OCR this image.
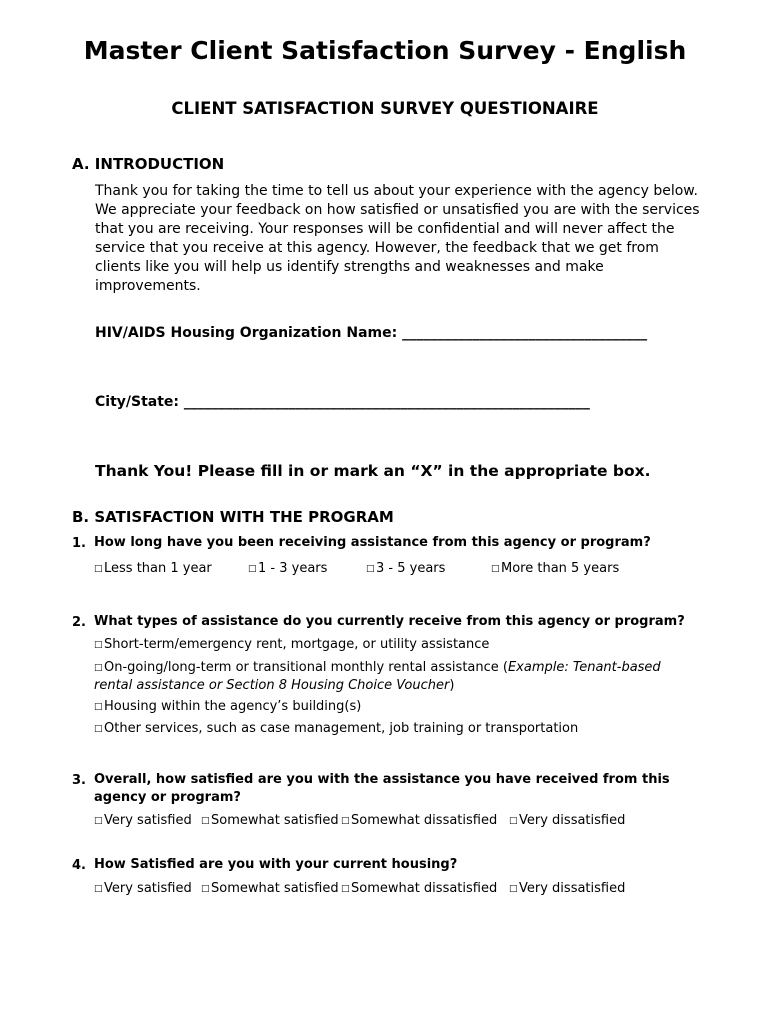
Master Client Satisfaction Survey - English
CLIENT SATISFACTION SURVEY QUESTIONAIRE
A. INTRODUCTION
Thank you for taking the time to tell us about your experience with the agency below. We appreciate your feedback on how satisfied or unsatisfied you are with the services that you are receiving. Your responses will be confidential and will never affect the service that you receive at this agency. However, the feedback that we get from clients like you will help us identify strengths and weaknesses and make improvements.
HIV/AIDS Housing Organization Name: ___________________________________
City/State: __________________________________________________________
Thank You! Please fill in or mark an “X” in the appropriate box.
B. SATISFACTION WITH THE PROGRAM
1. How long have you been receiving assistance from this agency or program?
□Less than 1 year	□1 - 3 years	□3 - 5 years	□More than 5 years
2. What types of assistance do you currently receive from this agency or program?
□Short-term/emergency rent, mortgage, or utility assistance
□On-going/long-term or transitional monthly rental assistance (Example: Tenant-based rental assistance or Section 8 Housing Choice Voucher)
□Housing within the agency’s building(s)
□Other services, such as case management, job training or transportation
3. Overall, how satisfied are you with the assistance you have received from this
agency or program?
□Very satisfied □Somewhat satisfied □Somewhat dissatisfied □Very dissatisfied
4. How Satisfied are you with your current housing?
□Very satisfied □Somewhat satisfied □Somewhat dissatisfied □Very dissatisfied
